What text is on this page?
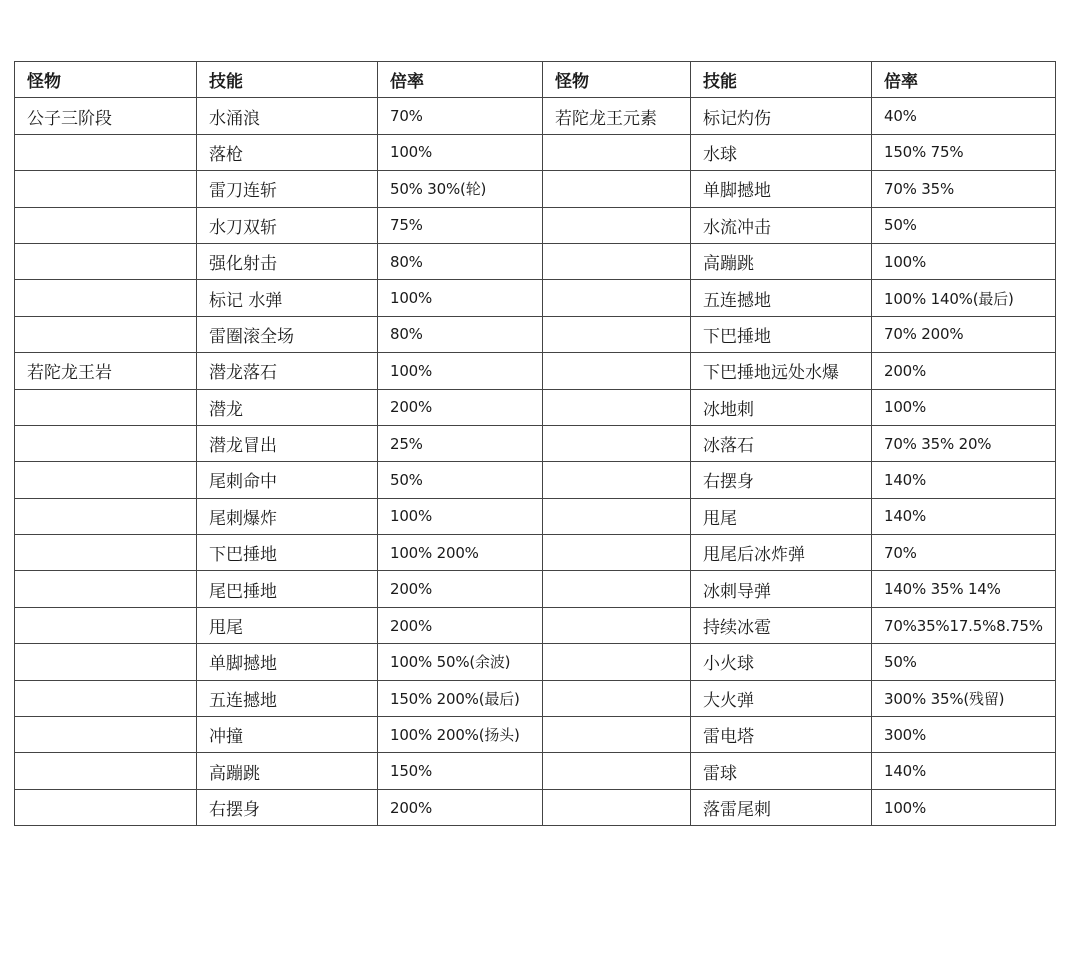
怪物	技能	倍率	怪物	技能	倍率
公子三阶段	水涌浪	70%	若陀龙王元素	标记灼伤	40%
	落枪	100%		水球	150% 75%
	雷刀连斩	50% 30%(轮)		单脚撼地	70% 35%
	水刀双斩	75%		水流冲击	50%
	强化射击	80%		高蹦跳	100%
	标记 水弹	100%		五连撼地	100% 140%(最后)
	雷圈滚全场	80%		下巴捶地	70% 200%
若陀龙王岩	潜龙落石	100%		下巴捶地远处水爆	200%
	潜龙	200%		冰地刺	100%
	潜龙冒出	25%		冰落石	70% 35% 20%
	尾刺命中	50%		右摆身	140%
	尾刺爆炸	100%		甩尾	140%
	下巴捶地	100% 200%		甩尾后冰炸弹	70%
	尾巴捶地	200%		冰刺导弹	140% 35% 14%
	甩尾	200%		持续冰雹	70%35%17.5%8.75%
	单脚撼地	100% 50%(余波)		小火球	50%
	五连撼地	150% 200%(最后)		大火弹	300% 35%(残留)
	冲撞	100% 200%(扬头)		雷电塔	300%
	高蹦跳	150%		雷球	140%
	右摆身	200%		落雷尾刺	100%
